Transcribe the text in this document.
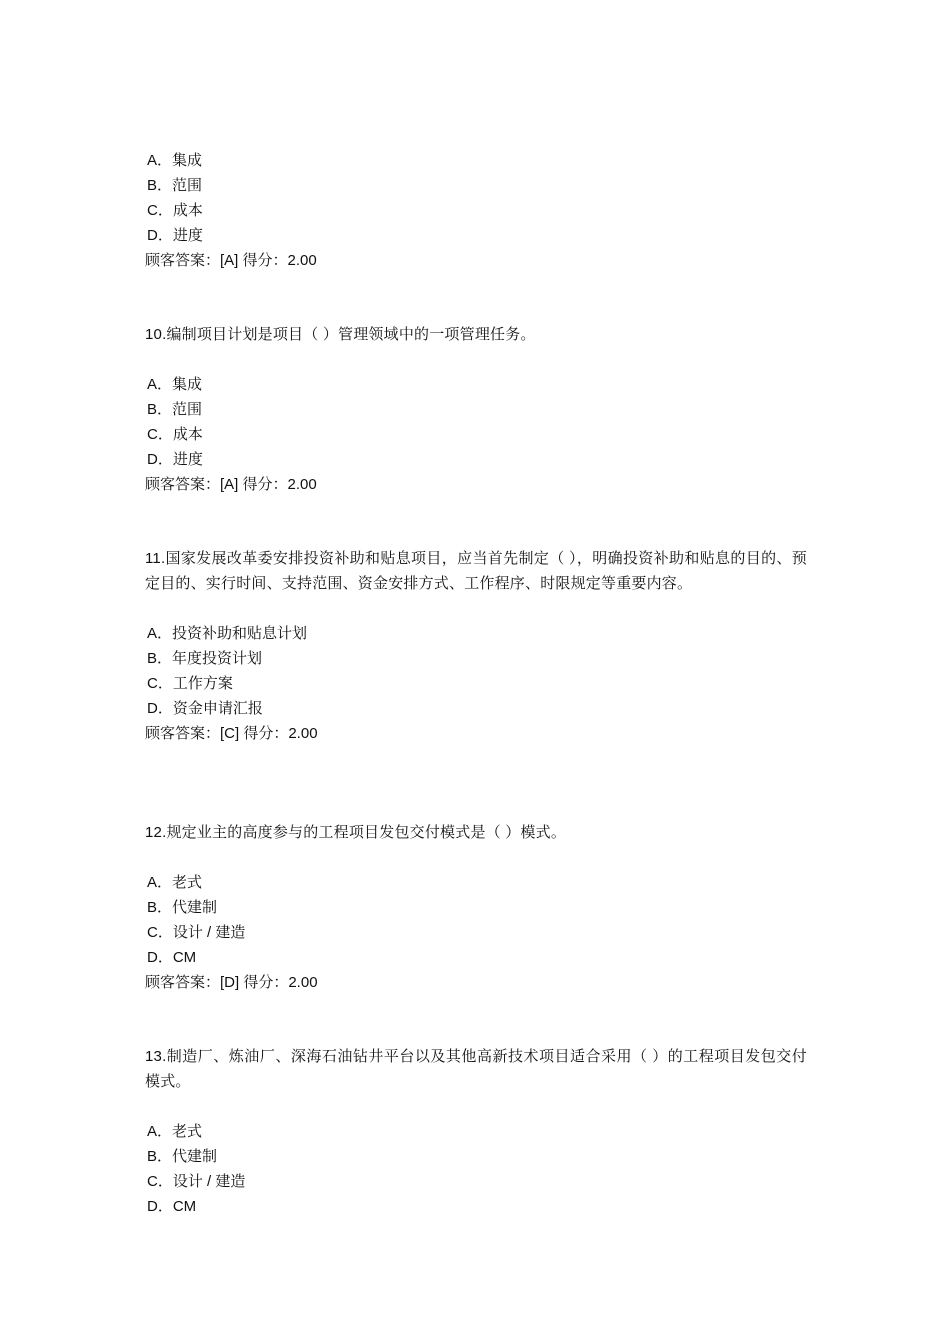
A．集成
B．范围
C．成本
D．进度
顾客答案：[A] 得分：2.00
10.编制项目计划是项目（ ）管理领域中的一项管理任务。
A．集成
B．范围
C．成本
D．进度
顾客答案：[A] 得分：2.00
11.国家发展改革委安排投资补助和贴息项目，应当首先制定（ ），明确投资补助和贴息的目的、预定目的、实行时间、支持范围、资金安排方式、工作程序、时限规定等重要内容。
A．投资补助和贴息计划
B．年度投资计划
C．工作方案
D．资金申请汇报
顾客答案：[C] 得分：2.00
12.规定业主的高度参与的工程项目发包交付模式是（ ）模式。
A．老式
B．代建制
C．设计 / 建造
D．CM
顾客答案：[D] 得分：2.00
13.制造厂、炼油厂、深海石油钻井平台以及其他高新技术项目适合采用（ ）的工程项目发包交付模式。
A．老式
B．代建制
C．设计 / 建造
D．CM
